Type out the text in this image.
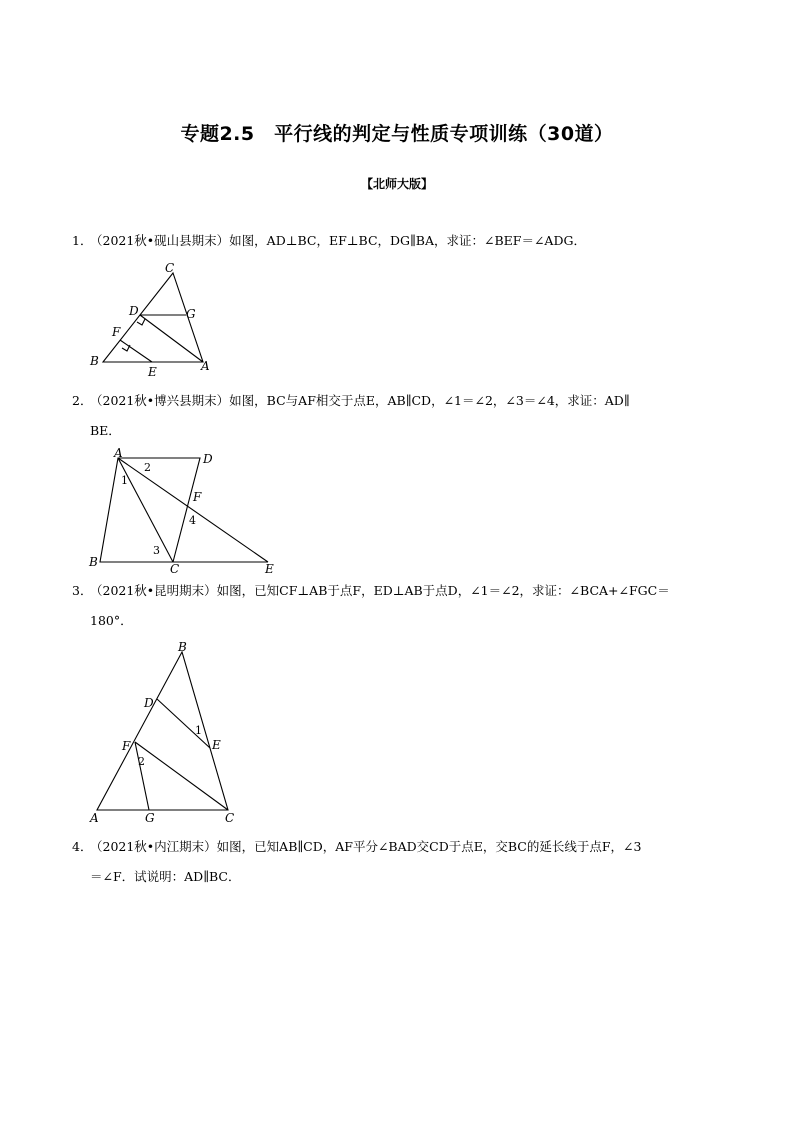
专题2.5　平行线的判定与性质专项训练（30道）
【北师大版】
1．（2021秋•砚山县期末）如图，AD⊥BC，EF⊥BC，DG∥BA，求证：∠BEF＝∠ADG．
C
D	G
F
B
E	A
2．（2021秋•博兴县期末）如图，BC与AF相交于点E，AB∥CD，∠1＝∠2，∠3＝∠4，求证：AD∥
BE．
A	D
F
B	C	E
1
2
3
4
3．（2021秋•昆明期末）如图，已知CF⊥AB于点F，ED⊥AB于点D，∠1＝∠2，求证：∠BCA+∠FGC＝
180°．
B
D
E
F
A	G	C
1
2
4．（2021秋•内江期末）如图，已知AB∥CD，AF平分∠BAD交CD于点E，交BC的延长线于点F，∠3
＝∠F．试说明：AD∥BC．
